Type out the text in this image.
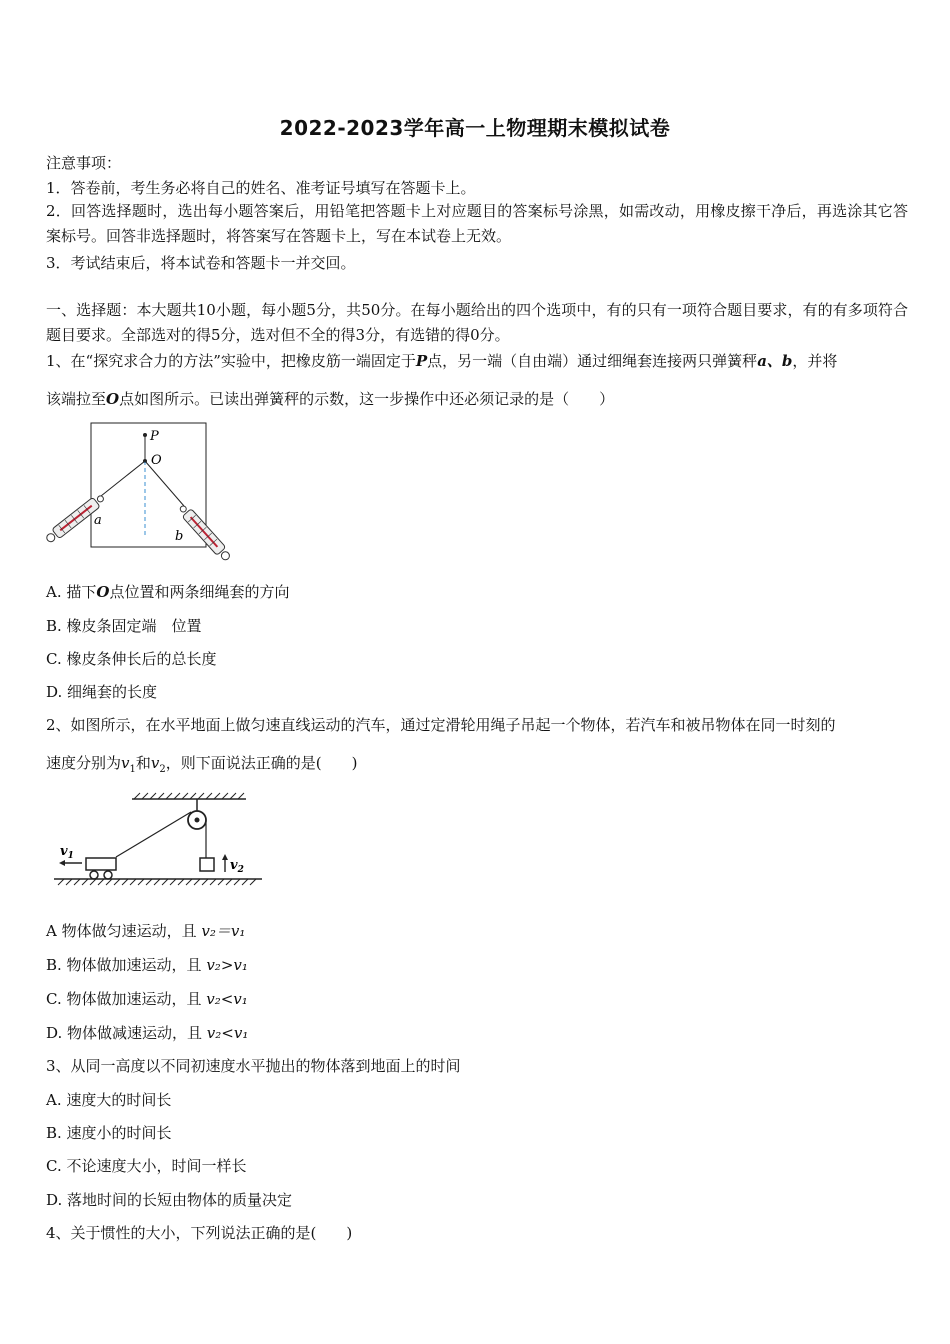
2022-2023学年高一上物理期末模拟试卷
注意事项：
1．答卷前，考生务必将自己的姓名、准考证号填写在答题卡上。
2．回答选择题时，选出每小题答案后，用铅笔把答题卡上对应题目的答案标号涂黑，如需改动，用橡皮擦干净后，再选涂其它答案标号。回答非选择题时，将答案写在答题卡上，写在本试卷上无效。
3．考试结束后，将本试卷和答题卡一并交回。
一、选择题：本大题共10小题，每小题5分，共50分。在每小题给出的四个选项中，有的只有一项符合题目要求，有的有多项符合题目要求。全部选对的得5分，选对但不全的得3分，有选错的得0分。
1、在“探究求合力的方法”实验中，把橡皮筋一端固定于P点，另一端（自由端）通过细绳套连接两只弹簧秤a、b，并将
该端拉至O点如图所示。已读出弹簧秤的示数，这一步操作中还必须记录的是（　　）
P
O
a
b
A. 描下O点位置和两条细绳套的方向
B. 橡皮条固定端　位置
C. 橡皮条伸长后的总长度
D. 细绳套的长度
2、如图所示，在水平地面上做匀速直线运动的汽车，通过定滑轮用绳子吊起一个物体，若汽车和被吊物体在同一时刻的
速度分别为$v_1$和$v_2$，则下面说法正确的是(　　)
$v_2$
$v_1$
A 物体做匀速运动，且 v₂＝v₁
B. 物体做加速运动，且 v₂>v₁
C. 物体做加速运动，且 v₂<v₁
D. 物体做减速运动，且 v₂<v₁
3、从同一高度以不同初速度水平抛出的物体落到地面上的时间
A. 速度大的时间长
B. 速度小的时间长
C. 不论速度大小，时间一样长
D. 落地时间的长短由物体的质量决定
4、关于惯性的大小，下列说法正确的是(　　)
